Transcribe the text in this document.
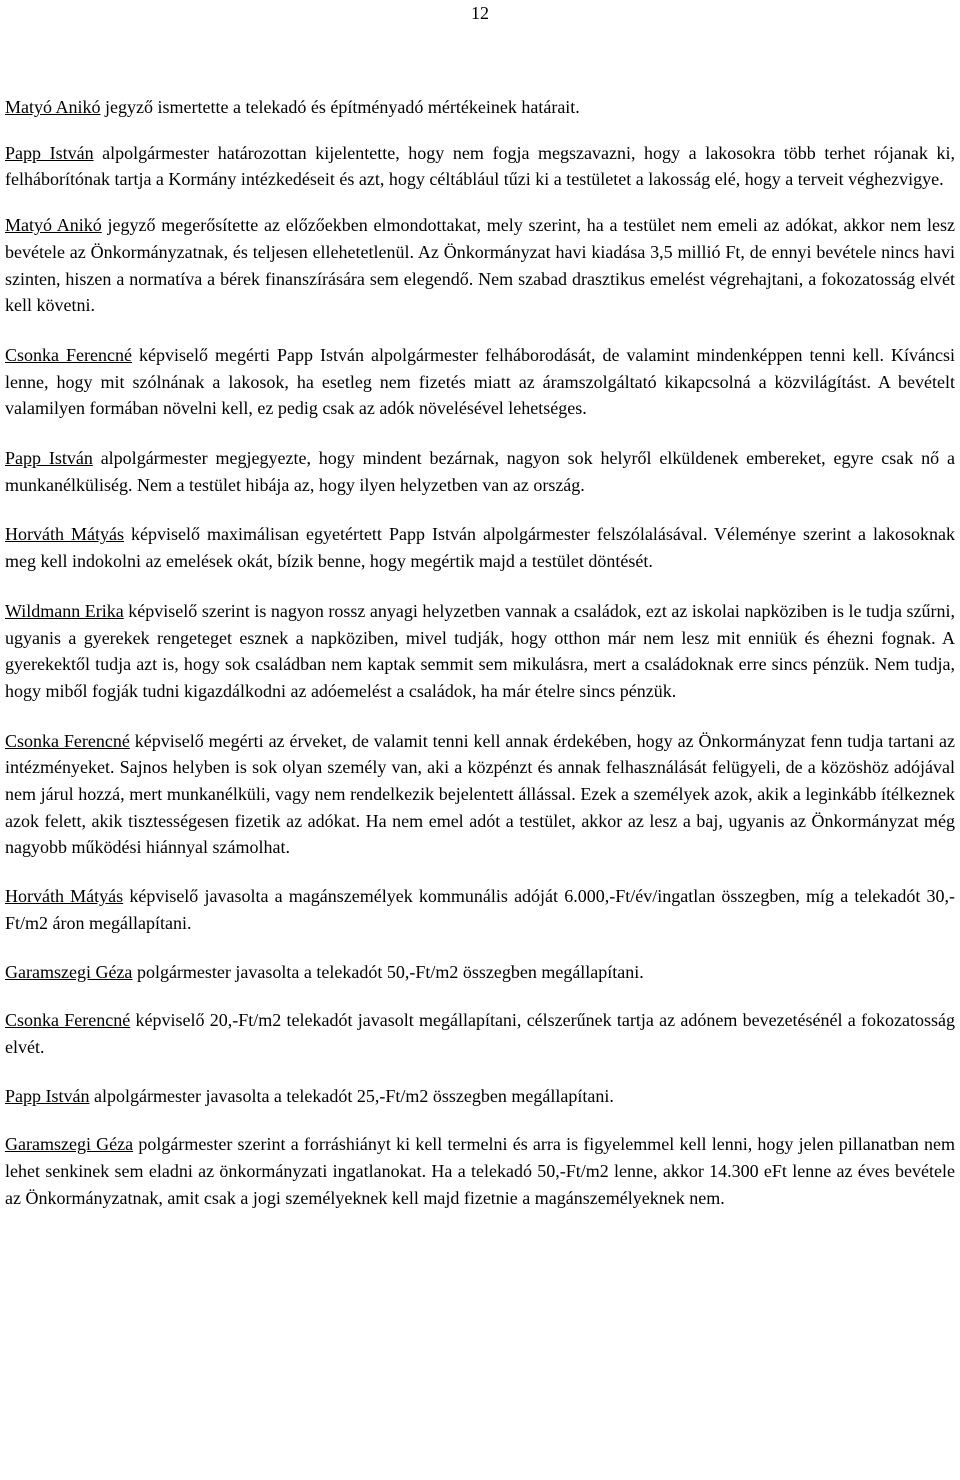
12

Matyó Anikó jegyző ismertette a telekadó és építményadó mértékeinek határait.

Papp István alpolgármester határozottan kijelentette, hogy nem fogja megszavazni, hogy a lakosokra több terhet rójanak ki, felháborítónak tartja a Kormány intézkedéseit és azt, hogy céltáblául tűzi ki a testületet a lakosság elé, hogy a terveit véghezvigye.

Matyó Anikó jegyző megerősítette az előzőekben elmondottakat, mely szerint, ha a testület nem emeli az adókat, akkor nem lesz bevétele az Önkormányzatnak, és teljesen ellehetetlenül. Az Önkormányzat havi kiadása 3,5 millió Ft, de ennyi bevétele nincs havi szinten, hiszen a normatíva a bérek finanszírására sem elegendő. Nem szabad drasztikus emelést végrehajtani, a fokozatosság elvét kell követni.

Csonka Ferencné képviselő megérti Papp István alpolgármester felháborodását, de valamint mindenképpen tenni kell. Kíváncsi lenne, hogy mit szólnának a lakosok, ha esetleg nem fizetés miatt az áramszolgáltató kikapcsolná a közvilágítást. A bevételt valamilyen formában növelni kell, ez pedig csak az adók növelésével lehetséges.

Papp István alpolgármester megjegyezte, hogy mindent bezárnak, nagyon sok helyről elküldenek embereket, egyre csak nő a munkanélküliség. Nem a testület hibája az, hogy ilyen helyzetben van az ország.

Horváth Mátyás képviselő maximálisan egyetértett Papp István alpolgármester felszólalásával. Véleménye szerint a lakosoknak meg kell indokolni az emelések okát, bízik benne, hogy megértik majd a testület döntését.

Wildmann Erika képviselő szerint is nagyon rossz anyagi helyzetben vannak a családok, ezt az iskolai napköziben is le tudja szűrni, ugyanis a gyerekek rengeteget esznek a napköziben, mivel tudják, hogy otthon már nem lesz mit enniük és éhezni fognak. A gyerekektől tudja azt is, hogy sok családban nem kaptak semmit sem mikulásra, mert a családoknak erre sincs pénzük. Nem tudja, hogy miből fogják tudni kigazdálkodni az adóemelést a családok, ha már ételre sincs pénzük.

Csonka Ferencné képviselő megérti az érveket, de valamit tenni kell annak érdekében, hogy az Önkormányzat fenn tudja tartani az intézményeket. Sajnos helyben is sok olyan személy van, aki a közpénzt és annak felhasználását felügyeli, de a közöshöz adójával nem járul hozzá, mert munkanélküli, vagy nem rendelkezik bejelentett állással. Ezek a személyek azok, akik a leginkább ítélkeznek azok felett, akik tisztességesen fizetik az adókat. Ha nem emel adót a testület, akkor az lesz a baj, ugyanis az Önkormányzat még nagyobb működési hiánnyal számolhat.

Horváth Mátyás képviselő javasolta a magánszemélyek kommunális adóját 6.000,-Ft/év/ingatlan összegben, míg a telekadót 30,-Ft/m2 áron megállapítani.

Garamszegi Géza polgármester javasolta a telekadót 50,-Ft/m2 összegben megállapítani.

Csonka Ferencné képviselő 20,-Ft/m2 telekadót javasolt megállapítani, célszerűnek tartja az adónem bevezetésénél a fokozatosság elvét.

Papp István alpolgármester javasolta a telekadót 25,-Ft/m2 összegben megállapítani.

Garamszegi Géza polgármester szerint a forráshiányt ki kell termelni és arra is figyelemmel kell lenni, hogy jelen pillanatban nem lehet senkinek sem eladni az önkormányzati ingatlanokat. Ha a telekadó 50,-Ft/m2 lenne, akkor 14.300 eFt lenne az éves bevétele az Önkormányzatnak, amit csak a jogi személyeknek kell majd fizetnie a magánszemélyeknek nem.
